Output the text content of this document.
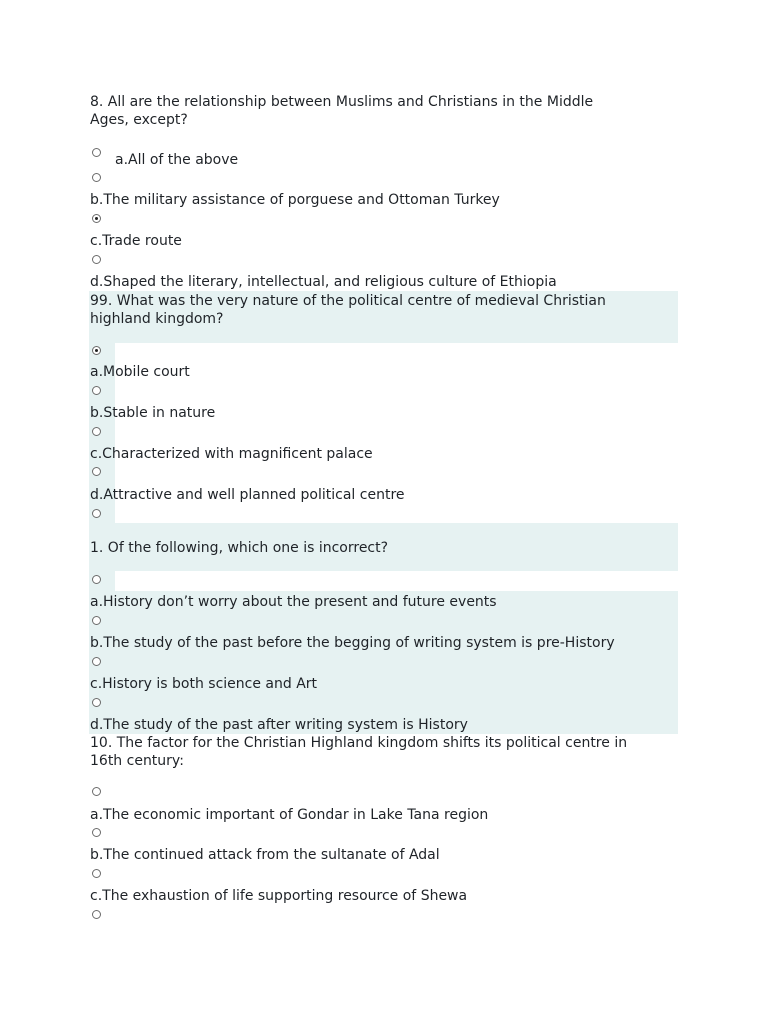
8. All are the relationship between Muslims and Christians in the Middle
Ages, except?
a.All of the above
b.The military assistance of porguese and Ottoman Turkey
c.Trade route
d.Shaped the literary, intellectual, and religious culture of Ethiopia
99. What was the very nature of the political centre of medieval Christian
highland kingdom?
a.Mobile court
b.Stable in nature
c.Characterized with magnificent palace
d.Attractive and well planned political centre
1. Of the following, which one is incorrect?
a.History don’t worry about the present and future events
b.The study of the past before the begging of writing system is pre-History
c.History is both science and Art
d.The study of the past after writing system is History
10. The factor for the Christian Highland kingdom shifts its political centre in
16th century:
a.The economic important of Gondar in Lake Tana region
b.The continued attack from the sultanate of Adal
c.The exhaustion of life supporting resource of Shewa
